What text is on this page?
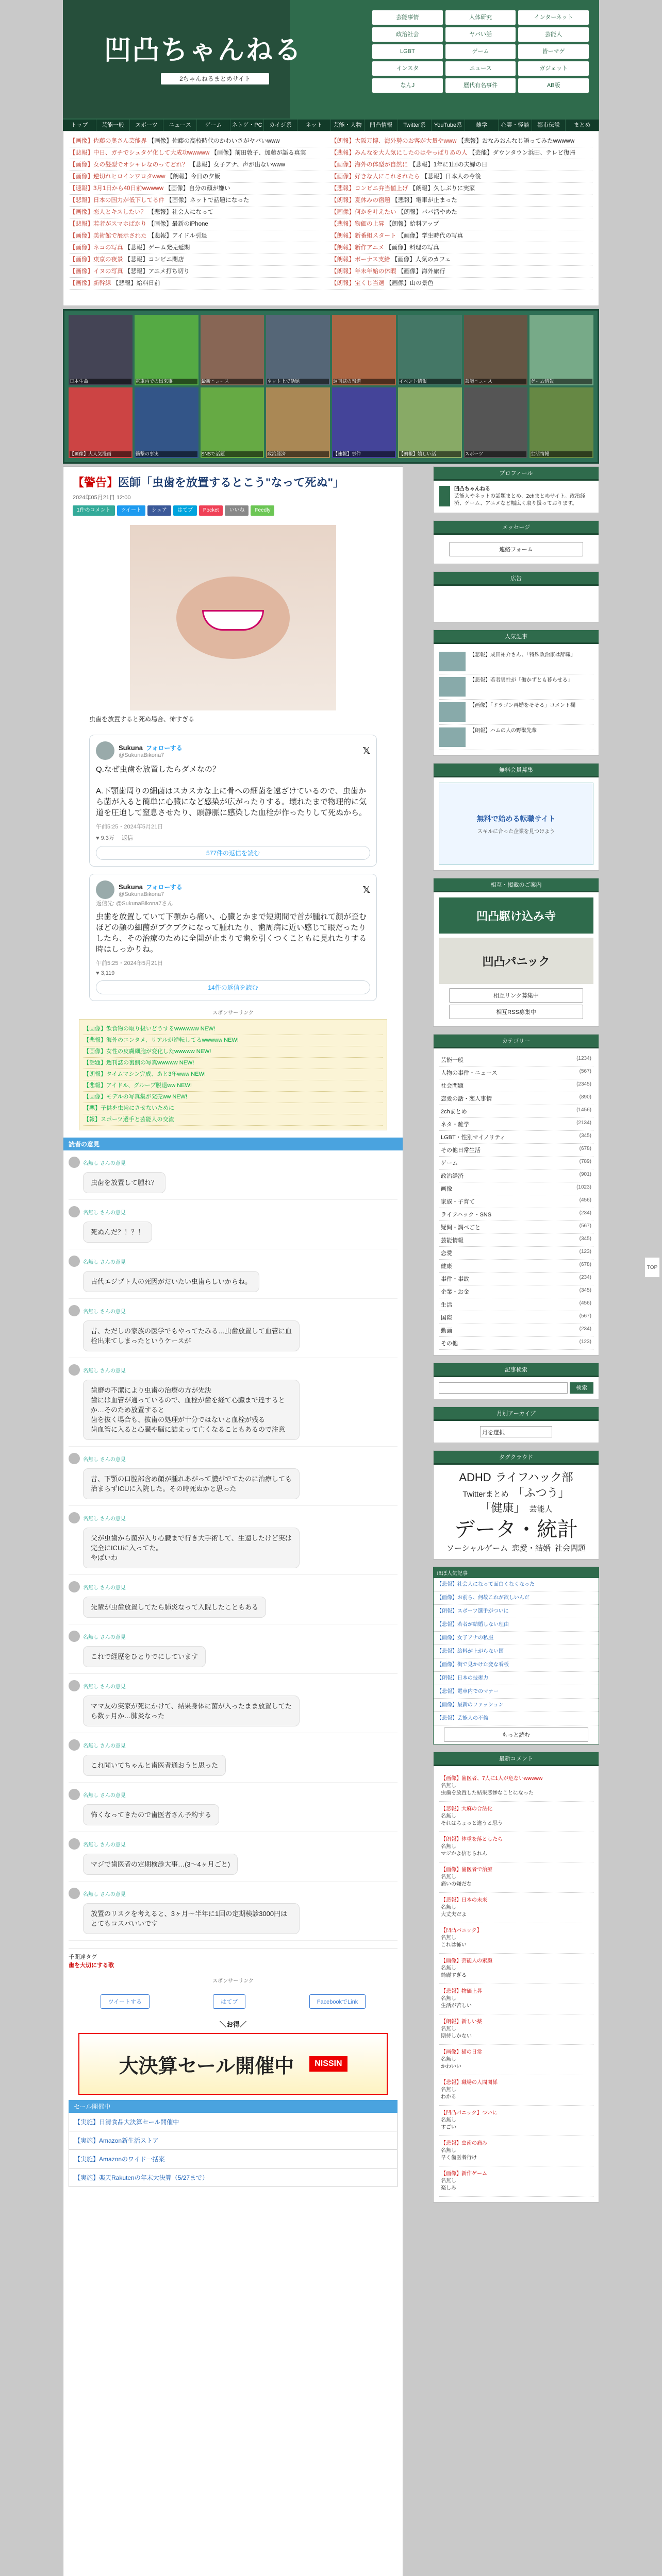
凹凸ちゃんねる
2ちゃんねるまとめサイト
芸能事情	人体研究	インターネット
政治社会	ヤバい話	芸能人
LGBT	ゲーム	皆ーマゲ
インスタ	ニュース	ガジェット
なんJ	歴代有名事件	AB版
トップ	芸能一般	スポーツ	ニュース	ゲーム	ネトゲ・PC	カイジ系	ネット	芸能・人物	凹凸情報	Twitter系	YouTube系	雑学	心霊・怪談	都市伝説	まとめ
【画像】佐藤の奥さん芸能界 【画像】佐藤の高校時代のかわいさがヤバいwww	【朗報】大阪万博、海外勢のお客が大量やwww 【悲報】おなみおんなじ語ってみたwwwww
【悲報】中日、ガチでシュタゲ化して大成功wwwww 【画像】前田敦子、加藤が語る真実	【悲報】みんなを大人気にしたのはやっぱりあの人 【芸能】ダウンタウン浜田、テレビ復帰
【画像】女の髪型でオシャレなのってどれ？ 【悲報】女子アナ、声が出ないwww	【画像】海外の体型が自然に 【悲報】1年に1回の夫婦の日
【画像】逆切れヒロインワロタwww 【朗報】今日の夕飯	【画像】好きな人にこれされたら 【悲報】日本人の今後
【速報】3月1日から40日前wwwww 【画像】自分の顔が嫌い	【悲報】コンビニ弁当値上げ 【朗報】久しぶりに実家
【悲報】日本の国力が低下してる件 【画像】ネットで話題になった	【朗報】夏休みの宿題 【悲報】電車が止まった
【画像】恋人とキスしたい？ 【悲報】社会人になって	【画像】何かを叶えたい 【朗報】パパ活やめた
【悲報】若者がスマホばかり 【画像】最新のiPhone	【悲報】物価の上昇 【朗報】給料アップ
【画像】美術館で展示された 【悲報】アイドル引退	【朗報】新番組スタート 【画像】学生時代の写真
【画像】ネコの写真 【悲報】ゲーム発売延期	【朗報】新作アニメ 【画像】料理の写真
【画像】東京の夜景 【悲報】コンビニ閉店	【朗報】ボーナス支給 【画像】人気のカフェ
【画像】イヌの写真 【悲報】アニメ打ち切り	【朗報】年末年始の休暇 【画像】海外旅行
【画像】新幹線 【悲報】給料日前	【朗報】宝くじ当選 【画像】山の景色
日本生命	電車内での出来事	最新ニュース	ネット上で話題	週刊誌の報道	イベント情報	芸能ニュース	ゲーム情報
【画像】大人気漫画	衝撃の事実	SNSで話題	政治経済	【速報】事件	【朗報】嬉しい話	スポーツ	生活情報
【警告】医師「虫歯を放置するとこう"なって死ぬ"」
2024年05月21日 12:00
1件のコメント	ツイート	シェア	はてブ	Pocket	いいね	Feedly
虫歯を放置すると死ぬ場合、怖すぎる
Sukuna フォローする
@SukunaBikona7	𝕏
Q.なぜ虫歯を放置したらダメなの？

A.下顎歯周りの細菌はスカスカな上に骨への細菌を遠ざけているので、虫歯から菌が入ると簡単に心臓になど感染が広がったりする。壊れたまで物理的に気道を圧迫して窒息させたり、頭静脈に感染した血栓が作ったりして死ぬから。
午前5:25・2024年5月21日
♥ 9.3万 返信
577件の返信を読む
Sukuna フォローする
@SukunaBikona7	𝕏
返信先: @SukunaBikona7さん
虫歯を放置していて下顎から痛い、心臓とかまで短期間で首が腫れて顔が歪むほどの顔の細菌がブクブクになって腫れたり、歯周病に近い感じて眼だったりしたら、その治療のために全開が止まりで歯を引くつくこともに見れたりする時はしっかりね。
午前5:25・2024年5月21日
♥ 3,119
14件の返信を読む
スポンサーリンク
【画像】飲食物の取り扱いどうするwwwwww NEW!
【悲報】海外のエンタメ、リアルが逆転してるwwwww NEW!
【画像】女性の皮膚細胞が変化したwwwww NEW!
【話題】週刊誌の裏側の写真wwwww NEW!
【朗報】タイムマシン完成、あと3年www NEW!
【悲報】アイドル、グループ脱退ww NEW!
【画像】モデルの写真集が発売ww NEW!
【悪】子供を虫歯にさせないために
【報】スポーツ選手と芸能人の交流
読者の意見
名無し さんの意見
虫歯を放置して腫れ？
名無し さんの意見
死ぬんだ？！？！
名無し さんの意見
古代エジプト人の死因がだいたい虫歯らしいからね。
名無し さんの意見
昔、ただしの家族の医学でもやってたみる…虫歯放置して血管に血栓出来てしまったというケースが
名無し さんの意見
歯磨の不潔により虫歯の治療の方が先決
歯には血管が通っているので、血栓が歯を経て心臓まで達するとか…そのため放置すると
歯を抜く場合も、抜歯の処理が十分ではないと血栓が残る
歯血管に入ると心臓や脳に詰まって亡くなることもあるので注意
名無し さんの意見
昔、下顎の口腔部含め顔が腫れあがって膿がでてたのに治療しても治まらずICUに入院した。その時死ぬかと思った
名無し さんの意見
父が虫歯から菌が入り心臓まで行き大手術して、生還したけど実は完全にICUに入ってた。
やばいわ
名無し さんの意見
先輩が虫歯放置してたら肺炎なって入院したこともある
名無し さんの意見
これで経歴をひとりでにしています
名無し さんの意見
ママ友の実家が死にかけて、結果身体に菌が入ったまま放置してたら数ヶ月か…肺炎なった
名無し さんの意見
これ聞いてちゃんと歯医者通おうと思った
名無し さんの意見
怖くなってきたので歯医者さん予約する
名無し さんの意見
マジで歯医者の定期検診大事…(3〜4ヶ月ごと)
名無し さんの意見
放置のリスクを考えると、3ヶ月〜半年に1回の定期検診3000円はとてもコスパいいです
千聞達タグ
歯を大切にする歌
スポンサーリンク
ツイートする	はてブ	FacebookでLink
＼お得／
大決算セール開催中	NISSIN
セール開催中
【実施】日清食品大決算セール開催中
【実施】Amazon新生活ストア
【実施】Amazonのワイド一括案
【実施】楽天Rakutenの年末大決算（5/27まで）
プロフィール
凹凸ちゃんねる
芸能人やネットの話題まとめ、2chまとめサイト。政治経済、ゲーム、アニメなど幅広く取り扱っております。
メッセージ
連絡フォーム
広告
人気記事
【悲報】成田祐介さん、「特殊政治家は辞職」
【悲報】若者男性が「働かずとも暮らせる」
【画像】「ドラゴン再婚をそそる」コメント欄
【朗報】ハムの人の野獣先輩
無料会員募集
無料で始める転職サイト
スキルに合った企業を見つけよう
相互・掲載のご案内
凹凸駆け込み寺
凹凸パニック
相互リンク募集中
相互RSS募集中
カテゴリー
芸能一般	(1234)
人物の事件・ニュース	(567)
社会問題	(2345)
恋愛の話・恋人事情	(890)
2chまとめ	(1456)
ネタ・雑学	(2134)
LGBT・性別マイノリティ	(345)
その他日常生活	(678)
ゲーム	(789)
政治経済	(901)
画像	(1023)
家族・子育て	(456)
ライフハック・SNS	(234)
疑問・調べごと	(567)
芸能情報	(345)
恋愛	(123)
健康	(678)
事件・事故	(234)
企業・お金	(345)
生活	(456)
国際	(567)
動画	(234)
その他	(123)
記事検索
検索
月別アーカイブ
月を選択
タグクラウド
ADHD ライフハック部Twitterまとめ 「ふつう」「健康」 芸能人データ・統計ソーシャルゲーム 恋愛・結婚 社会問題
ほぼ人気記事
【悲報】社会人になって面白くなくなった
【画像】お前ら、何故これが欲しいんだ
【朗報】スポーツ選手がついに
【悲報】若者が結婚しない理由
【画像】女子アナの私服
【悲報】給料が上がらない国
【画像】街で見かけた変な看板
【朗報】日本の技術力
【悲報】電車内でのマナー
【画像】最新のファッション
【悲報】芸能人の不倫
もっと読む
最新コメント
【画像】歯医者、7人に1人が危ないwwwww
名無し
虫歯を放置した結果悲惨なことになった
【悲報】大麻の合法化
名無し
それはちょっと違うと思う
【朗報】体重を落としたら
名無し
マジかよ信じられん
【画像】歯医者で治療
名無し
痛いの嫌だな
【悲報】日本の未来
名無し
大丈夫だよ
【凹凸パニック】
名無し
これは怖い
【画像】芸能人の素顔
名無し
綺麗すぎる
【悲報】物価上昇
名無し
生活が苦しい
【朗報】新しい薬
名無し
期待しかない
【画像】猫の日常
名無し
かわいい
【悲報】職場の人間関係
名無し
わかる
【凹凸パニック】ついに
名無し
すごい
【悲報】虫歯の痛み
名無し
早く歯医者行け
【画像】新作ゲーム
名無し
楽しみ
TOP
